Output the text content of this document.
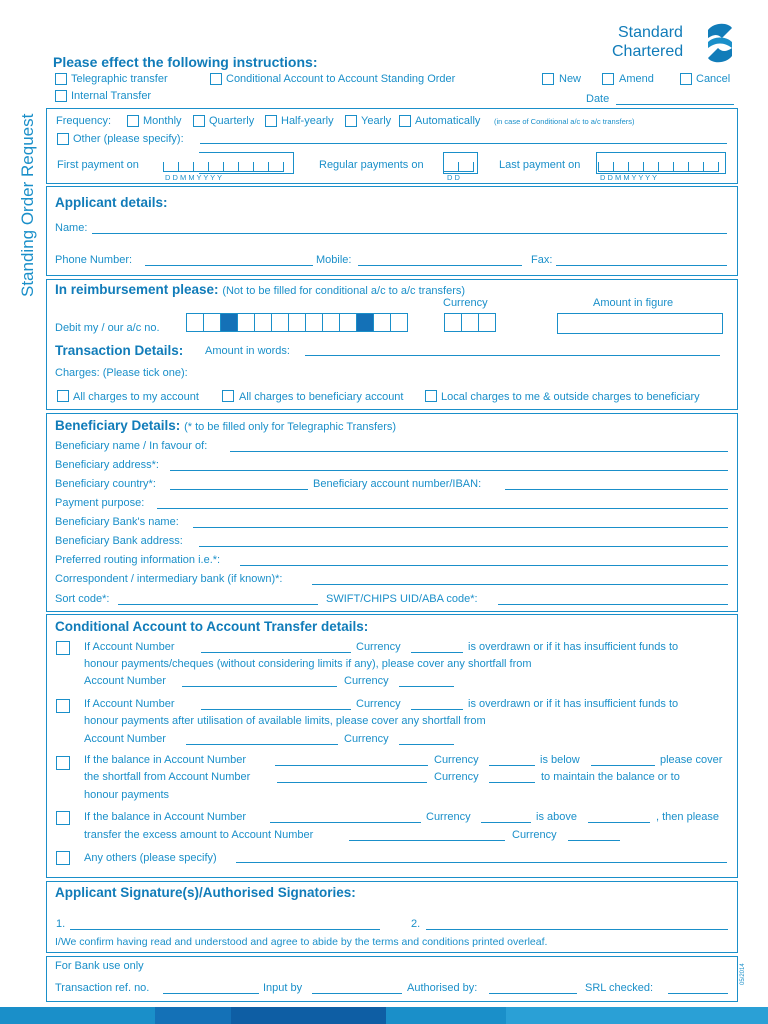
Standard
Chartered
Standing Order Request
Please effect the following instructions:
Telegraphic transfer	Conditional Account to Account Standing Order
Internal Transfer
New	Amend	Cancel
Date
Frequency:	Monthly Quarterly Half-yearly Yearly Automatically (in case of Conditional a/c to a/c transfers)
Other (please specify):
First payment on
D D M M Y Y Y Y
Regular payments on
D D
Last payment on
D D M M Y Y Y Y
Applicant details:
Name:
Phone Number:	Mobile:	Fax:
In reimbursement please: (Not to be filled for conditional a/c to a/c transfers)
Currency	Amount in figure
Debit my / our a/c no.
Transaction Details: Amount in words:
Charges: (Please tick one):
All charges to my account	All charges to beneficiary account	Local charges to me & outside charges to beneficiary
Beneficiary Details: (* to be filled only for Telegraphic Transfers)
Beneficiary name / In favour of:
Beneficiary address*:
Beneficiary country*:	Beneficiary account number/IBAN:
Payment purpose:
Beneficiary Bank's name:
Beneficiary Bank address:
Preferred routing information i.e.*:
Correspondent / intermediary bank (if known)*:
Sort code*:	SWIFT/CHIPS UID/ABA code*:
Conditional Account to Account Transfer details:
If Account Number	Currency	is overdrawn or if it has insufficient funds to
honour payments/cheques (without considering limits if any), please cover any shortfall from
Account Number	Currency
If Account Number	Currency	is overdrawn or if it has insufficient funds to
honour payments after utilisation of available limits, please cover any shortfall from
Account Number	Currency
If the balance in Account Number	Currency	is below	please cover
the shortfall from Account Number	Currency	to maintain the balance or to
honour payments
If the balance in Account Number	Currency	is above	, then please
transfer the excess amount to Account Number	Currency
Any others (please specify)
Applicant Signature(s)/Authorised Signatories:
1.	2.
I/We confirm having read and understood and agree to abide by the terms and conditions printed overleaf.
For Bank use only
Transaction ref. no.	Input by	Authorised by:	SRL checked:
05/2014
